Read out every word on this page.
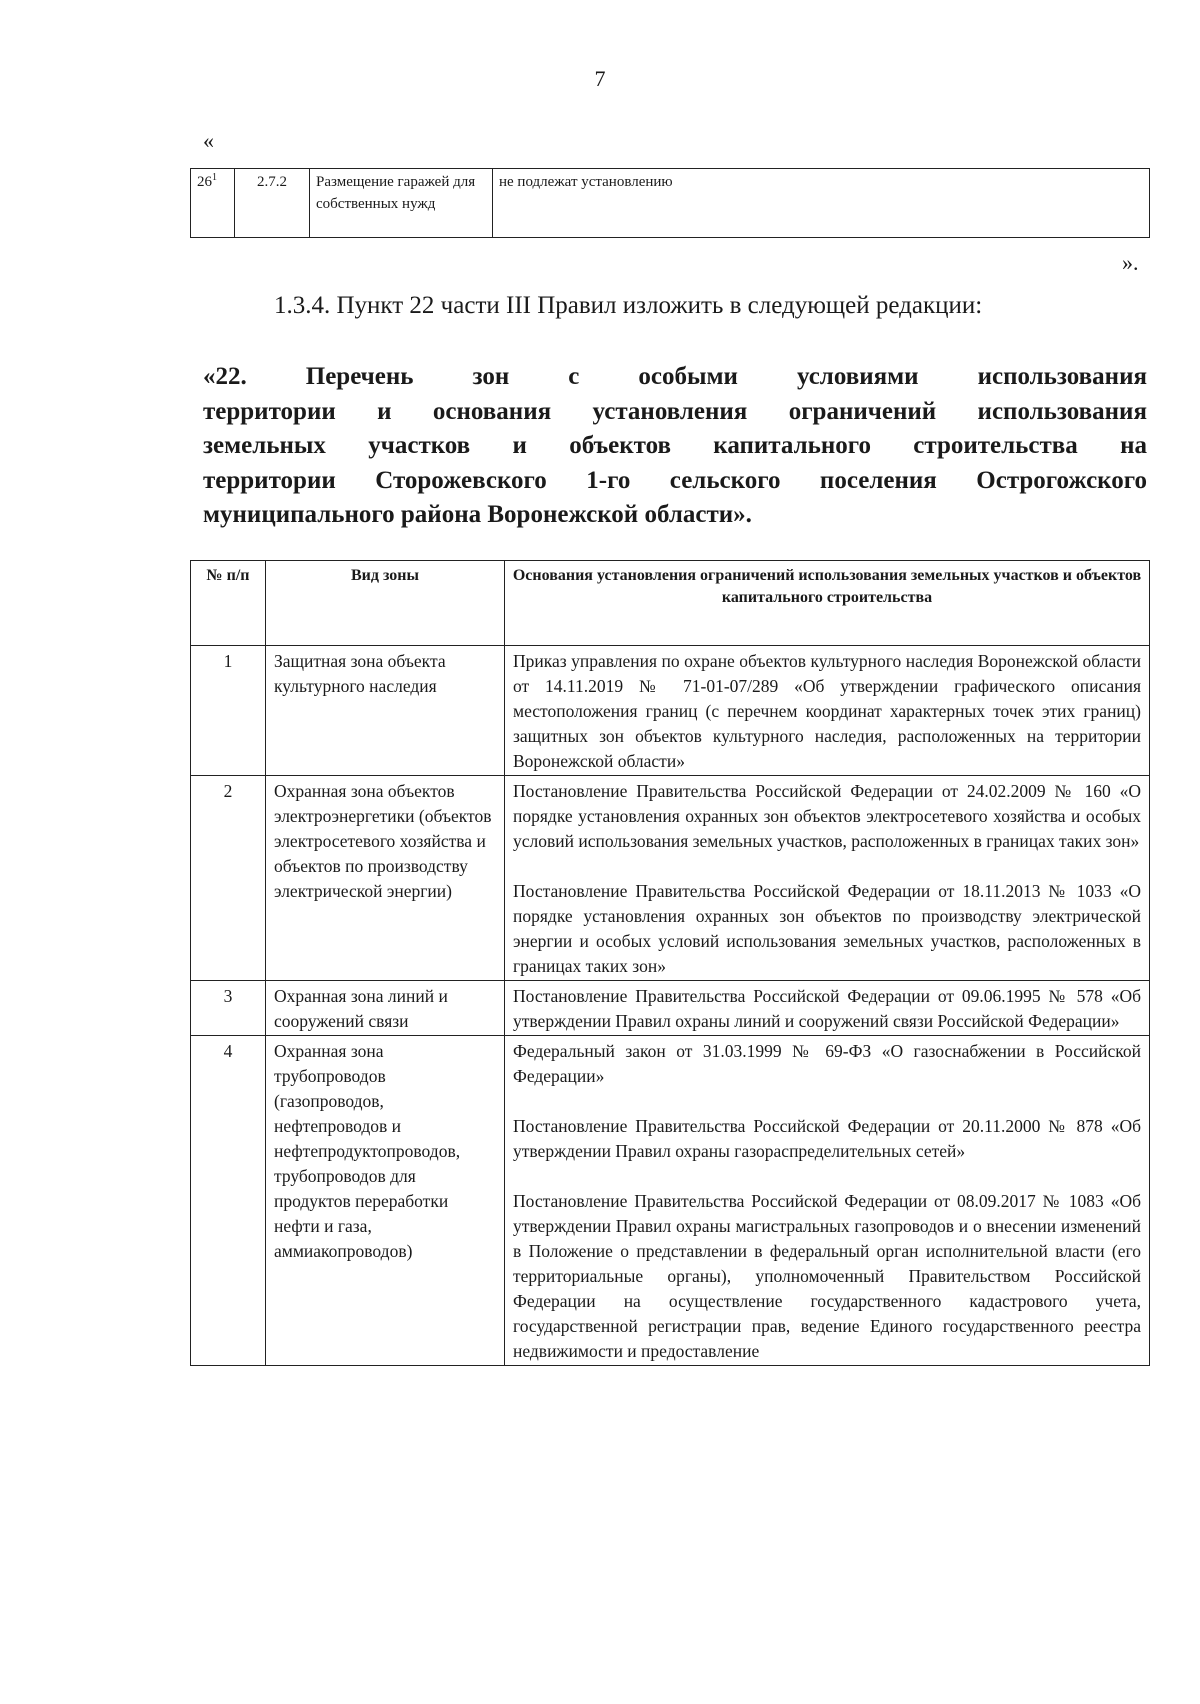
7
«
$26^1$	2.7.2	Размещение гаражей для собственных нужд	не подлежат установлению
».
1.3.4. Пункт 22 части III Правил изложить в следующей редакции:
«22. Перечень зон с особыми условиями использования
территории и основания установления ограничений использования
земельных участков и объектов капитального строительства на
территории Сторожевского 1-го сельского поселения Острогожского
муниципального района Воронежской области».
№ п/п	Вид зоны	Основания установления ограничений использования земельных участков и объектов капитального строительства
1	Защитная зона объекта культурного наследия	Приказ управления по охране объектов культурного наследия Воронежской области от 14.11.2019 № 71-01-07/289 «Об утверждении графического описания местоположения границ (с перечнем координат характерных точек этих границ) защитных зон объектов культурного наследия, расположенных на территории Воронежской области»

2	Охранная зона объектов электроэнергетики (объектов электросетевого хозяйства и объектов по производству электрической энергии)	Постановление Правительства Российской Федерации от 24.02.2009 № 160 «О порядке установления охранных зон объектов электросетевого хозяйства и особых условий использования земельных участков, расположенных в границах таких зон»
Постановление Правительства Российской Федерации от 18.11.2013 № 1033 «О порядке установления охранных зон объектов по производству электрической энергии и особых условий использования земельных участков, расположенных в границах таких зон»

3	Охранная зона линий и сооружений связи	Постановление Правительства Российской Федерации от 09.06.1995 № 578 «Об утверждении Правил охраны линий и сооружений связи Российской Федерации»

4	Охранная зона трубопроводов (газопроводов, нефтепроводов и нефтепродуктопроводов, трубопроводов для продуктов переработки нефти и газа, аммиакопроводов)	Федеральный закон от 31.03.1999 № 69-ФЗ «О газоснабжении в Российской Федерации»
Постановление Правительства Российской Федерации от 20.11.2000 № 878 «Об утверждении Правил охраны газораспределительных сетей»
Постановление Правительства Российской Федерации от 08.09.2017 № 1083 «Об утверждении Правил охраны магистральных газопроводов и о внесении изменений в Положение о представлении в федеральный орган исполнительной власти (его территориальные органы), уполномоченный Правительством Российской Федерации на осуществление государственного кадастрового учета, государственной регистрации прав, ведение Единого государственного реестра недвижимости и предоставление
